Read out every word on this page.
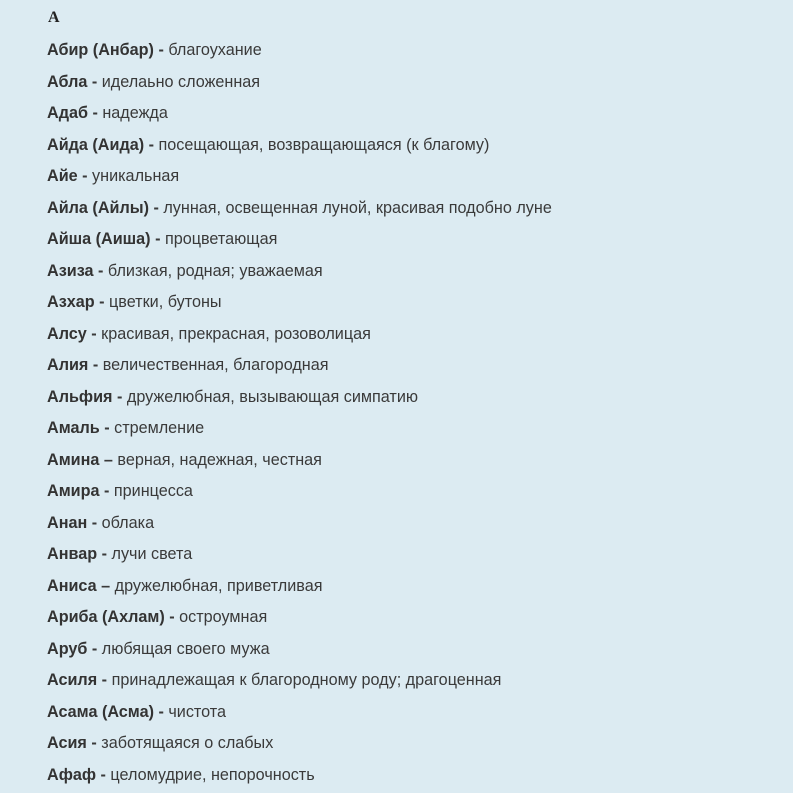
А
Абир (Анбар) - благоухание
Абла - иделаьно сложенная
Адаб - надежда
Айда (Аида) - посещающая, возвращающаяся (к благому)
Айе - уникальная
Айла (Айлы) - лунная, освещенная луной, красивая подобно луне
Айша (Аиша) - процветающая
Азиза - близкая, родная; уважаемая
Азхар - цветки, бутоны
Алсу - красивая, прекрасная, розоволицая
Алия - величественная, благородная
Альфия - дружелюбная, вызывающая симпатию
Амаль - стремление
Амина – верная, надежная, честная
Амира - принцесса
Анан - облака
Анвар - лучи света
Аниса – дружелюбная, приветливая
Ариба (Ахлам) - остроумная
Аруб - любящая своего мужа
Асиля - принадлежащая к благородному роду; драгоценная
Асама (Асма) - чистота
Асия - заботящаяся о слабых
Афаф - целомудрие, непорочность
